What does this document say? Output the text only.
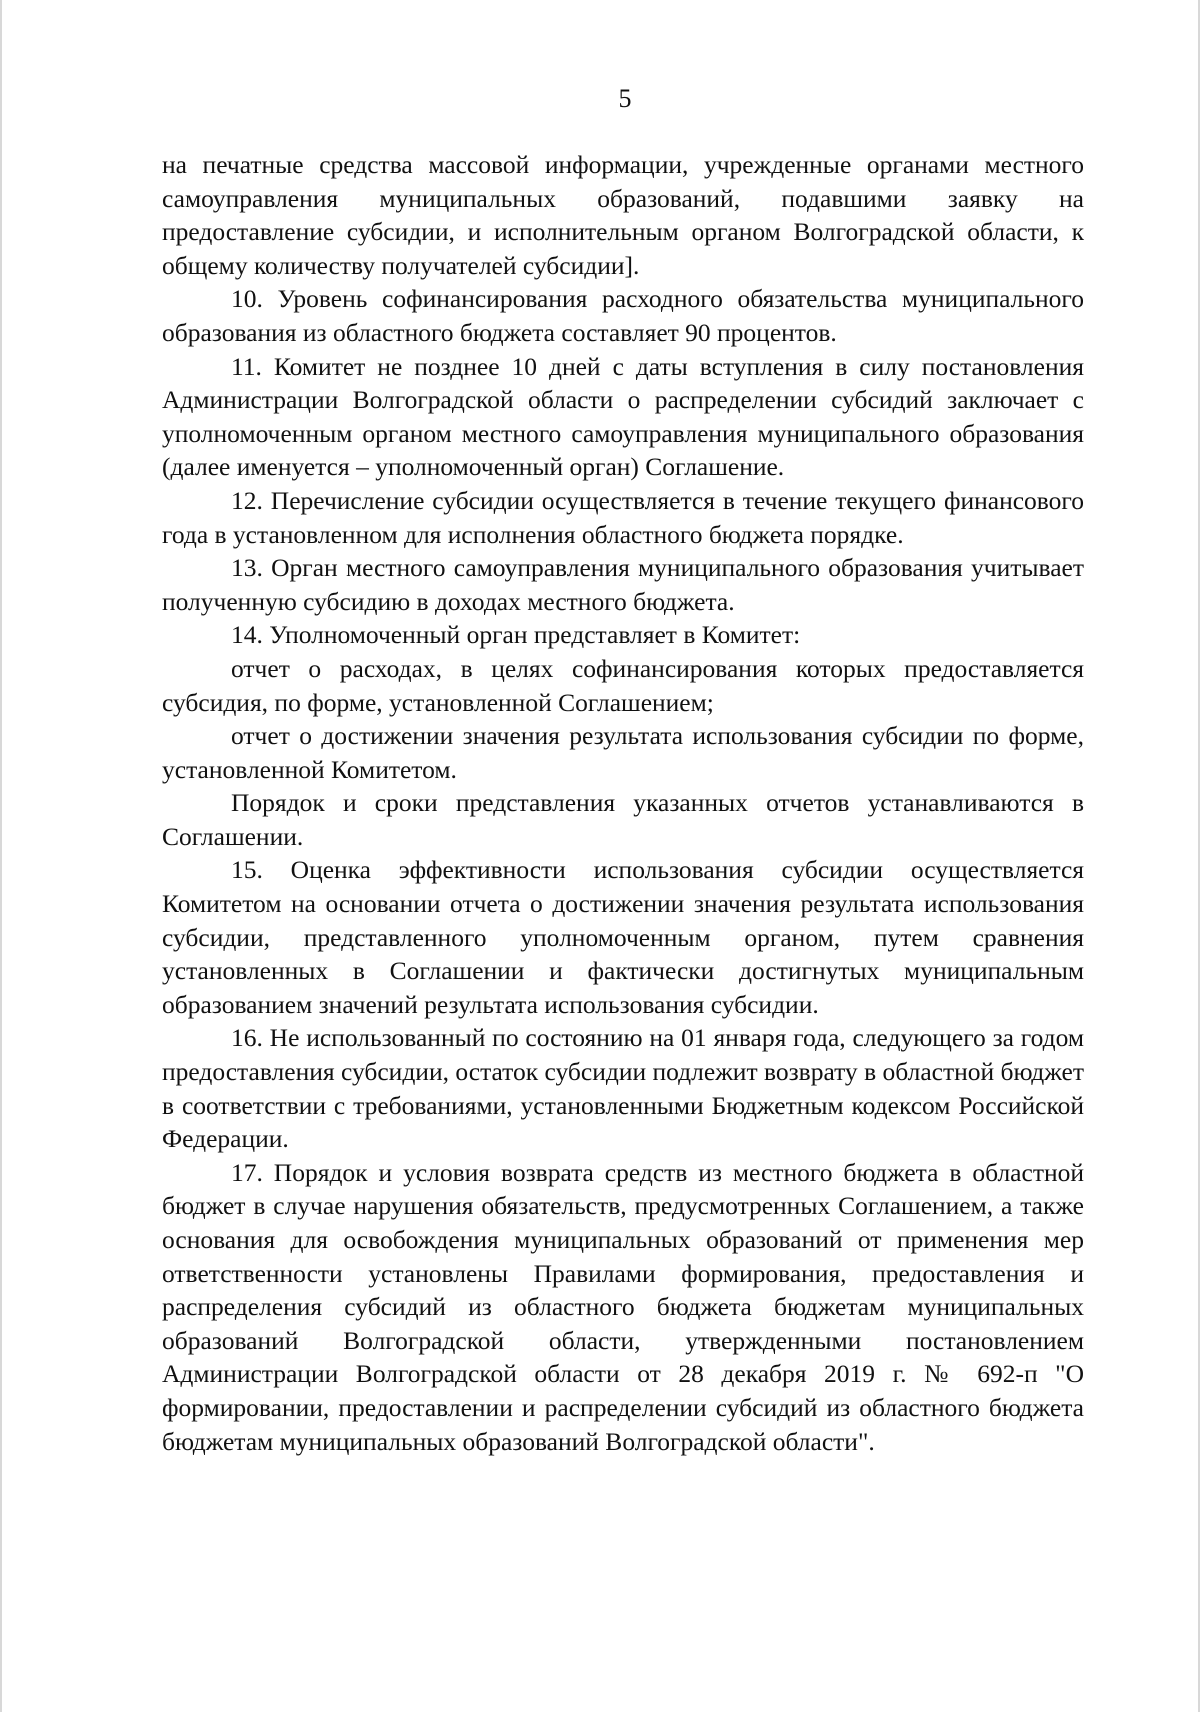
5

на печатные средства массовой информации, учрежденные органами местного самоуправления муниципальных образований, подавшими заявку на предоставление субсидии, и исполнительным органом Волгоградской области, к общему количеству получателей субсидии].

10. Уровень софинансирования расходного обязательства муниципального образования из областного бюджета составляет 90 процентов.

11. Комитет не позднее 10 дней с даты вступления в силу постановления Администрации Волгоградской области о распределении субсидий заключает с уполномоченным органом местного самоуправления муниципального образования (далее именуется – уполномоченный орган) Соглашение.

12. Перечисление субсидии осуществляется в течение текущего финансового года в установленном для исполнения областного бюджета порядке.

13. Орган местного самоуправления муниципального образования учитывает полученную субсидию в доходах местного бюджета.

14. Уполномоченный орган представляет в Комитет:

отчет о расходах, в целях софинансирования которых предоставляется субсидия, по форме, установленной Соглашением;

отчет о достижении значения результата использования субсидии по форме, установленной Комитетом.

Порядок и сроки представления указанных отчетов устанавливаются в Соглашении.

15. Оценка эффективности использования субсидии осуществляется Комитетом на основании отчета о достижении значения результата использования субсидии, представленного уполномоченным органом, путем сравнения установленных в Соглашении и фактически достигнутых муниципальным образованием значений результата использования субсидии.

16. Не использованный по состоянию на 01 января года, следующего за годом предоставления субсидии, остаток субсидии подлежит возврату в областной бюджет в соответствии с требованиями, установленными Бюджетным кодексом Российской Федерации.

17. Порядок и условия возврата средств из местного бюджета в областной бюджет в случае нарушения обязательств, предусмотренных Соглашением, а также основания для освобождения муниципальных образований от применения мер ответственности установлены Правилами формирования, предоставления и распределения субсидий из областного бюджета бюджетам муниципальных образований Волгоградской области, утвержденными постановлением Администрации Волгоградской области от 28 декабря 2019 г. № 692-п "О формировании, предоставлении и распределении субсидий из областного бюджета бюджетам муниципальных образований Волгоградской области".
